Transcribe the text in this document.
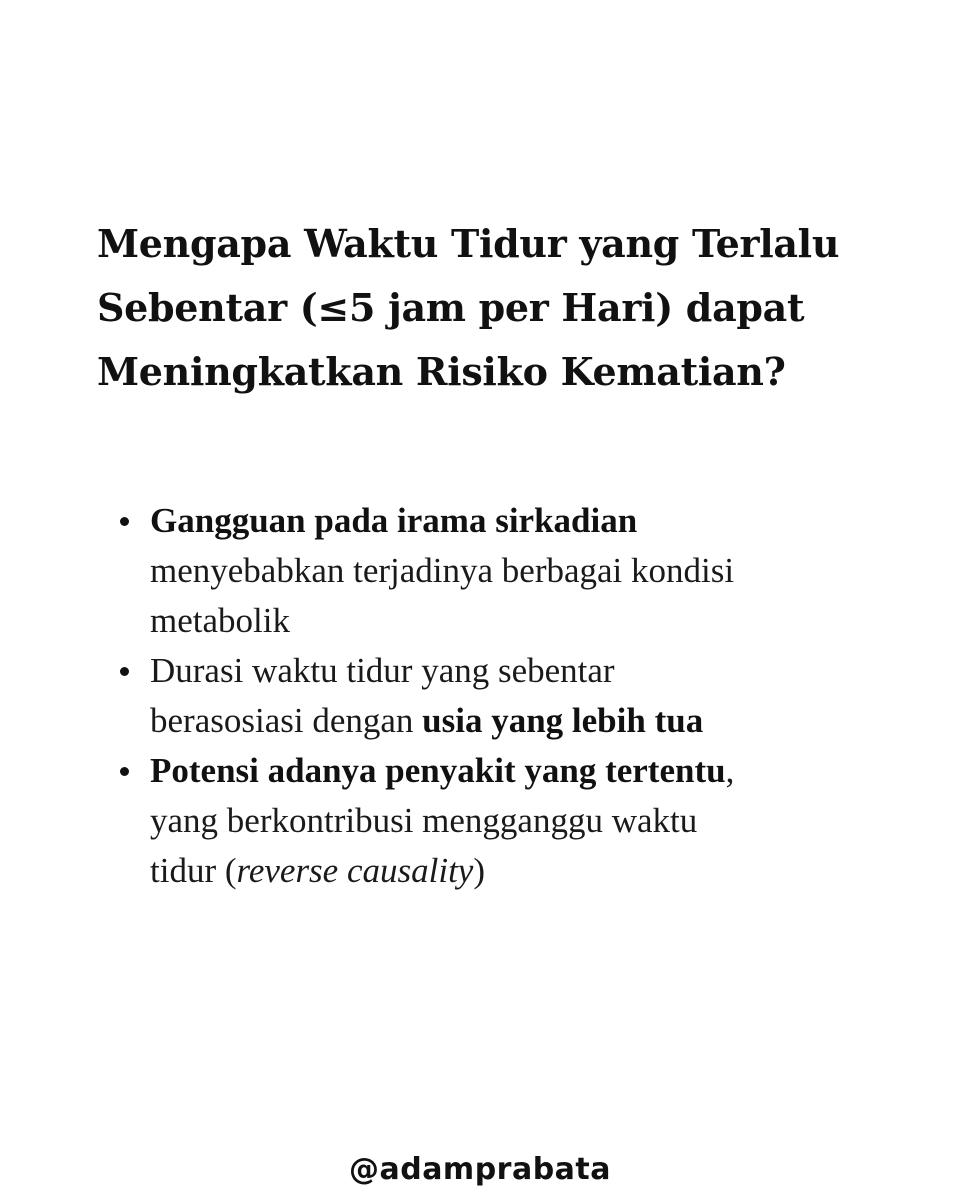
Mengapa Waktu Tidur yang Terlalu
Sebentar (≤5 jam per Hari) dapat
Meningkatkan Risiko Kematian?
Gangguan pada irama sirkadian
menyebabkan terjadinya berbagai kondisi
metabolik
Durasi waktu tidur yang sebentar
berasosiasi dengan usia yang lebih tua
Potensi adanya penyakit yang tertentu,
yang berkontribusi mengganggu waktu
tidur (reverse causality)
@adamprabata
